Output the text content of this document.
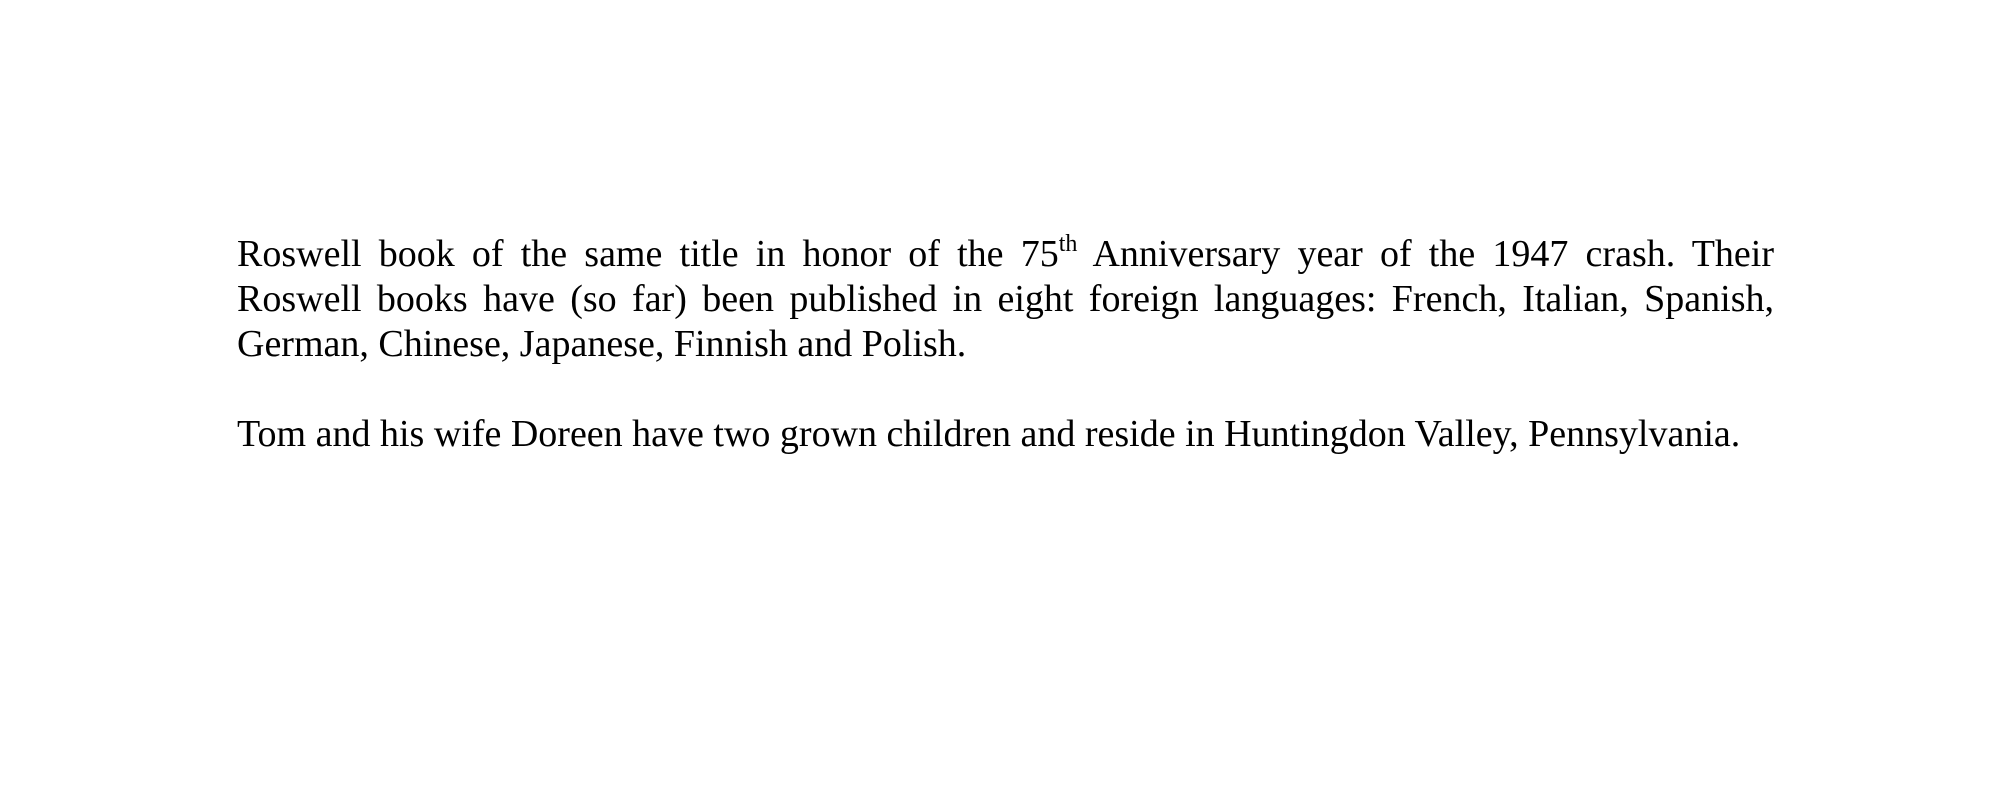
Roswell book of the same title in honor of the 75th Anniversary year of the 1947 crash. Their Roswell books have (so far) been published in eight foreign languages: French, Italian, Spanish, German, Chinese, Japanese, Finnish and Polish.

Tom and his wife Doreen have two grown children and reside in Huntingdon Valley, Pennsylvania.
